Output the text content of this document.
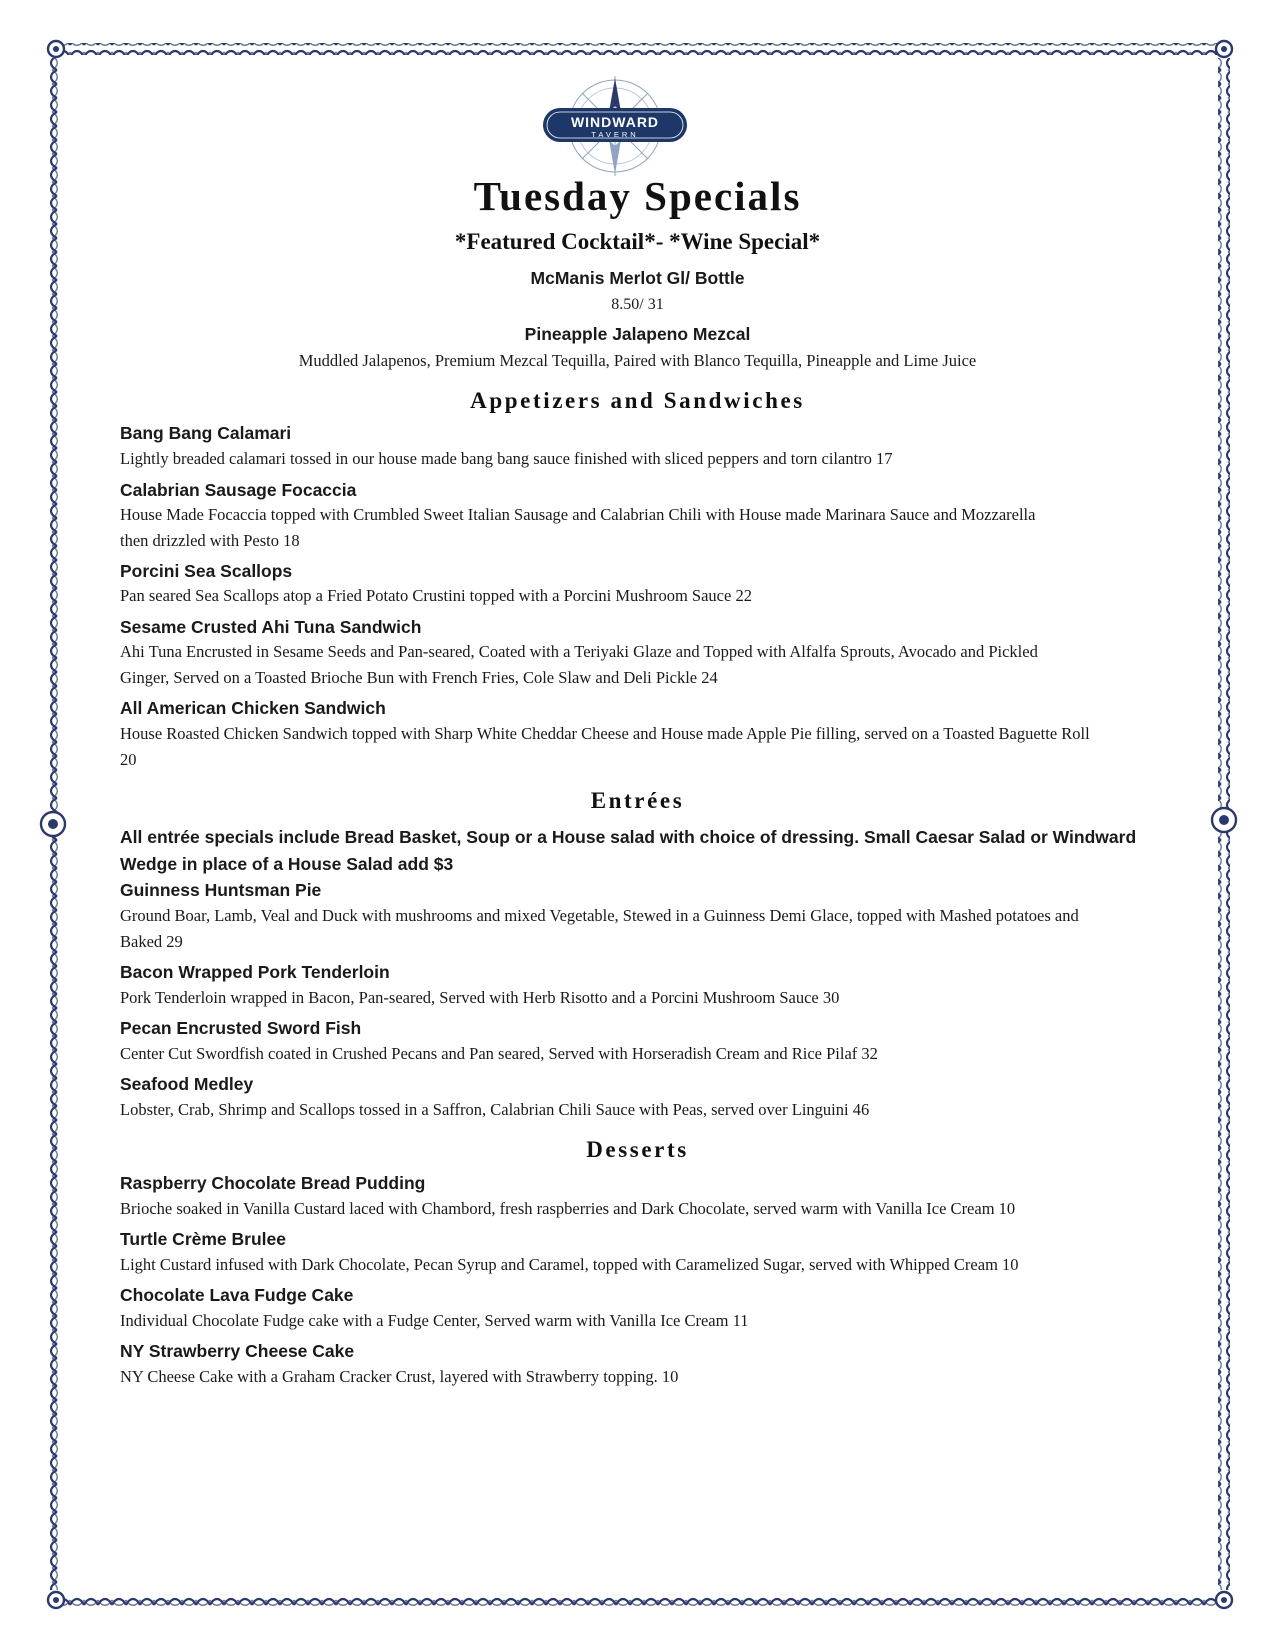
WINDWARD
TAVERN
Tuesday Specials
*Featured Cocktail*- *Wine Special*
McManis Merlot Gl/ Bottle
8.50/ 31
Pineapple Jalapeno Mezcal
Muddled Jalapenos, Premium Mezcal Tequilla, Paired with Blanco Tequilla, Pineapple and Lime Juice
Appetizers and Sandwiches
Bang Bang Calamari
Lightly breaded calamari tossed in our house made bang bang sauce finished with sliced peppers and torn cilantro 17
Calabrian Sausage Focaccia
House Made Focaccia topped with Crumbled Sweet Italian Sausage and Calabrian Chili with House made Marinara Sauce and Mozzarella then drizzled with Pesto 18
Porcini Sea Scallops
Pan seared Sea Scallops atop a Fried Potato Crustini topped with a Porcini Mushroom Sauce 22
Sesame Crusted Ahi Tuna Sandwich
Ahi Tuna Encrusted in Sesame Seeds and Pan-seared, Coated with a Teriyaki Glaze and Topped with Alfalfa Sprouts, Avocado and Pickled Ginger, Served on a Toasted Brioche Bun with French Fries, Cole Slaw and Deli Pickle 24
All American Chicken Sandwich
House Roasted Chicken Sandwich topped with Sharp White Cheddar Cheese and House made Apple Pie filling, served on a Toasted Baguette Roll 20
Entrées
All entrée specials include Bread Basket, Soup or a House salad with choice of dressing. Small Caesar Salad or Windward Wedge in place of a House Salad add $3
Guinness Huntsman Pie
Ground Boar, Lamb, Veal and Duck with mushrooms and mixed Vegetable, Stewed in a Guinness Demi Glace, topped with Mashed potatoes and Baked 29
Bacon Wrapped Pork Tenderloin
Pork Tenderloin wrapped in Bacon, Pan-seared, Served with Herb Risotto and a Porcini Mushroom Sauce 30
Pecan Encrusted Sword Fish
Center Cut Swordfish coated in Crushed Pecans and Pan seared, Served with Horseradish Cream and Rice Pilaf 32
Seafood Medley
Lobster, Crab, Shrimp and Scallops tossed in a Saffron, Calabrian Chili Sauce with Peas, served over Linguini 46
Desserts
Raspberry Chocolate Bread Pudding
Brioche soaked in Vanilla Custard laced with Chambord, fresh raspberries and Dark Chocolate, served warm with Vanilla Ice Cream 10
Turtle Crème Brulee
Light Custard infused with Dark Chocolate, Pecan Syrup and Caramel, topped with Caramelized Sugar, served with Whipped Cream 10
Chocolate Lava Fudge Cake
Individual Chocolate Fudge cake with a Fudge Center, Served warm with Vanilla Ice Cream 11
NY Strawberry Cheese Cake
NY Cheese Cake with a Graham Cracker Crust, layered with Strawberry topping. 10
